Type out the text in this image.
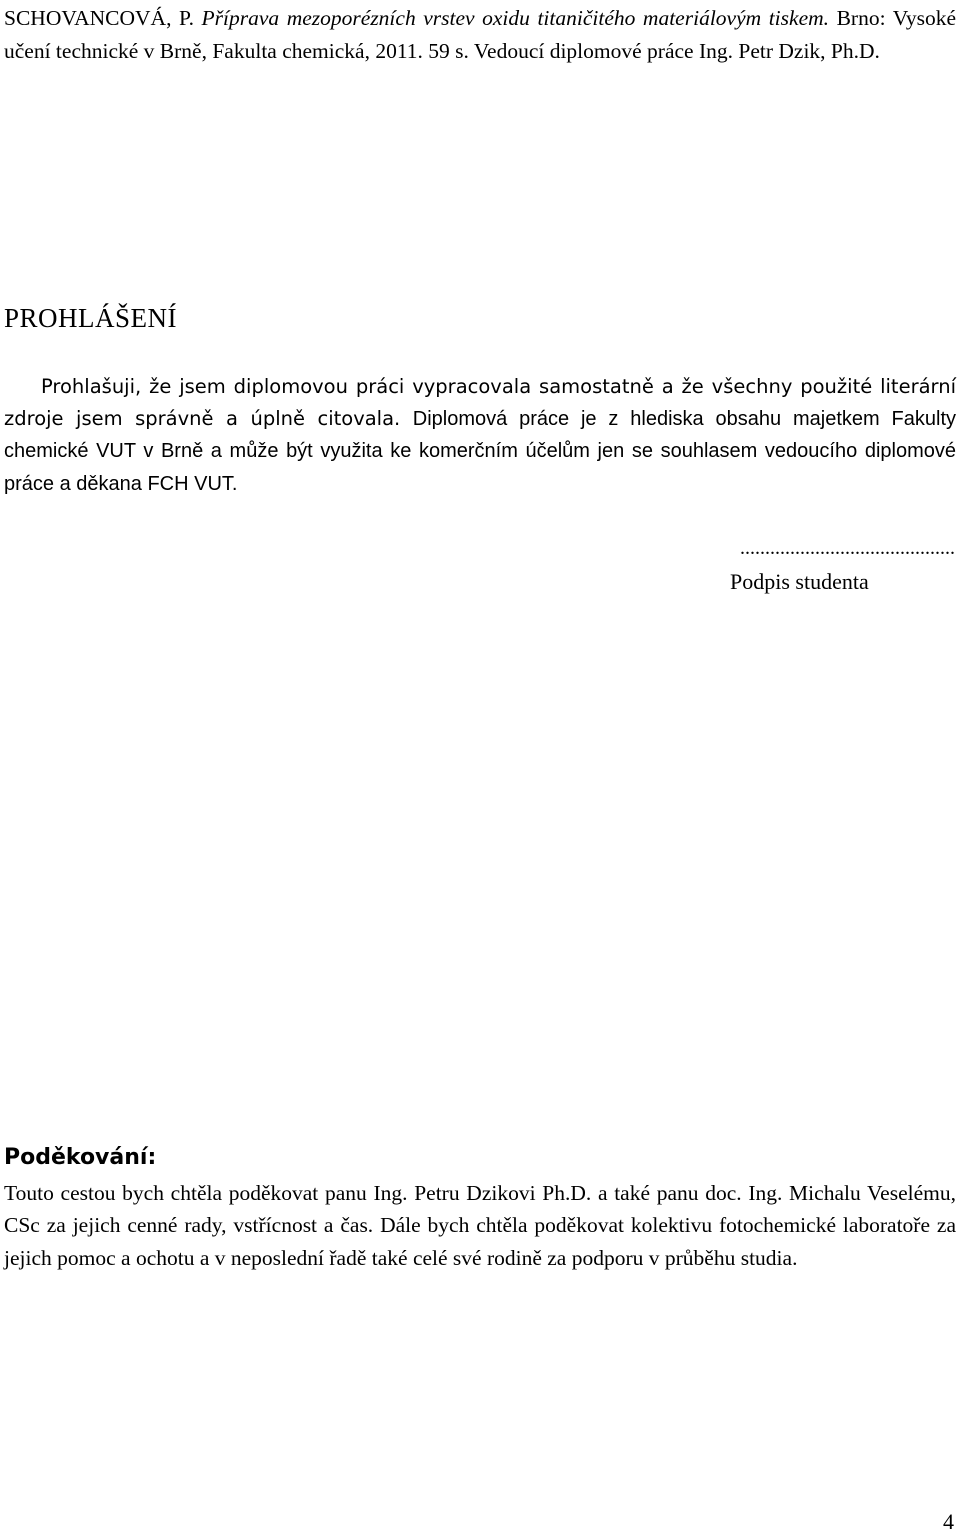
SCHOVANCOVÁ, P. Příprava mezoporézních vrstev oxidu titaničitého materiálovým tiskem. Brno: Vysoké učení technické v Brně, Fakulta chemická, 2011. 59 s. Vedoucí diplomové práce Ing. Petr Dzik, Ph.D.
PROHLÁŠENÍ
Prohlašuji, že jsem diplomovou práci vypracovala samostatně a že všechny použité literární zdroje jsem správně a úplně citovala. Diplomová práce je z hlediska obsahu majetkem Fakulty chemické VUT v Brně a může být využita ke komerčním účelům jen se souhlasem vedoucího diplomové práce a děkana FCH VUT.
...........................................
Podpis studenta
Poděkování:
Touto cestou bych chtěla poděkovat panu Ing. Petru Dzikovi Ph.D. a také panu doc. Ing. Michalu Veselému, CSc za jejich cenné rady, vstřícnost a čas. Dále bych chtěla poděkovat kolektivu fotochemické laboratoře za jejich pomoc a ochotu a v neposlední řadě také celé své rodině za podporu v průběhu studia.
4
